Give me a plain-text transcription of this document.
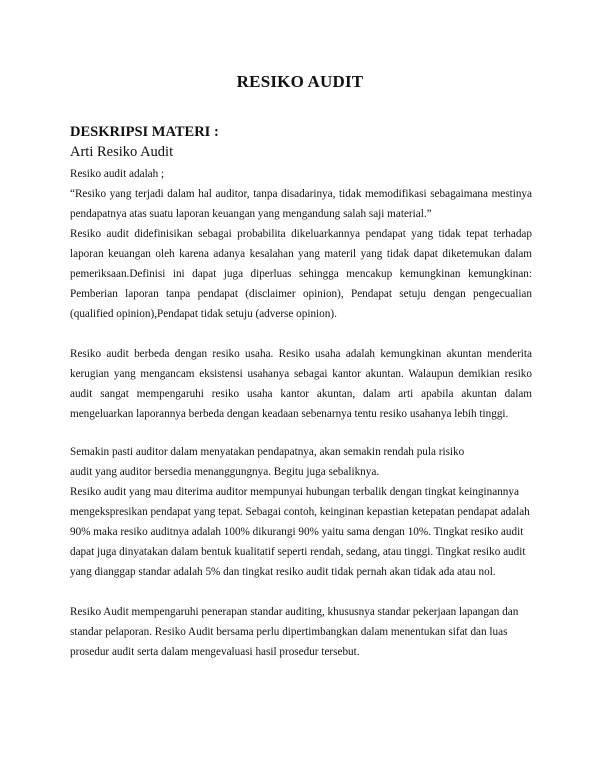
RESIKO AUDIT
DESKRIPSI MATERI :
Arti Resiko Audit

Resiko audit adalah ;

“Resiko yang terjadi dalam hal auditor, tanpa disadarinya, tidak memodifikasi sebagaimana mestinya pendapatnya atas suatu laporan keuangan yang mengandung salah saji material.”

Resiko audit didefinisikan sebagai probabilita dikeluarkannya pendapat yang tidak tepat terhadap laporan keuangan oleh karena adanya kesalahan yang materil yang tidak dapat diketemukan dalam pemeriksaan.Definisi ini dapat juga diperluas sehingga mencakup kemungkinan kemungkinan: Pemberian laporan tanpa pendapat (disclaimer opinion), Pendapat setuju dengan pengecualian (qualified opinion),Pendapat tidak setuju (adverse opinion).

Resiko audit berbeda dengan resiko usaha. Resiko usaha adalah kemungkinan akuntan menderita kerugian yang mengancam eksistensi usahanya sebagai kantor akuntan. Walaupun demikian resiko audit sangat mempengaruhi resiko usaha kantor akuntan, dalam arti apabila akuntan dalam mengeluarkan laporannya berbeda dengan keadaan sebenarnya tentu resiko usahanya lebih tinggi.

Semakin pasti auditor dalam menyatakan pendapatnya, akan semakin rendah pula risiko

audit yang auditor bersedia menanggungnya. Begitu juga sebaliknya.

Resiko audit yang mau diterima auditor mempunyai hubungan terbalik dengan tingkat keinginannya mengekspresikan pendapat yang tepat. Sebagai contoh, keinginan kepastian ketepatan pendapat adalah 90% maka resiko auditnya adalah 100% dikurangi 90% yaitu sama dengan 10%. Tingkat resiko audit dapat juga dinyatakan dalam bentuk kualitatif seperti rendah, sedang, atau tinggi. Tingkat resiko audit yang dianggap standar adalah 5% dan tingkat resiko audit tidak pernah akan tidak ada atau nol.

Resiko Audit mempengaruhi penerapan standar auditing, khususnya standar pekerjaan lapangan dan standar pelaporan. Resiko Audit bersama perlu dipertimbangkan dalam menentukan sifat dan luas prosedur audit serta dalam mengevaluasi hasil prosedur tersebut.
